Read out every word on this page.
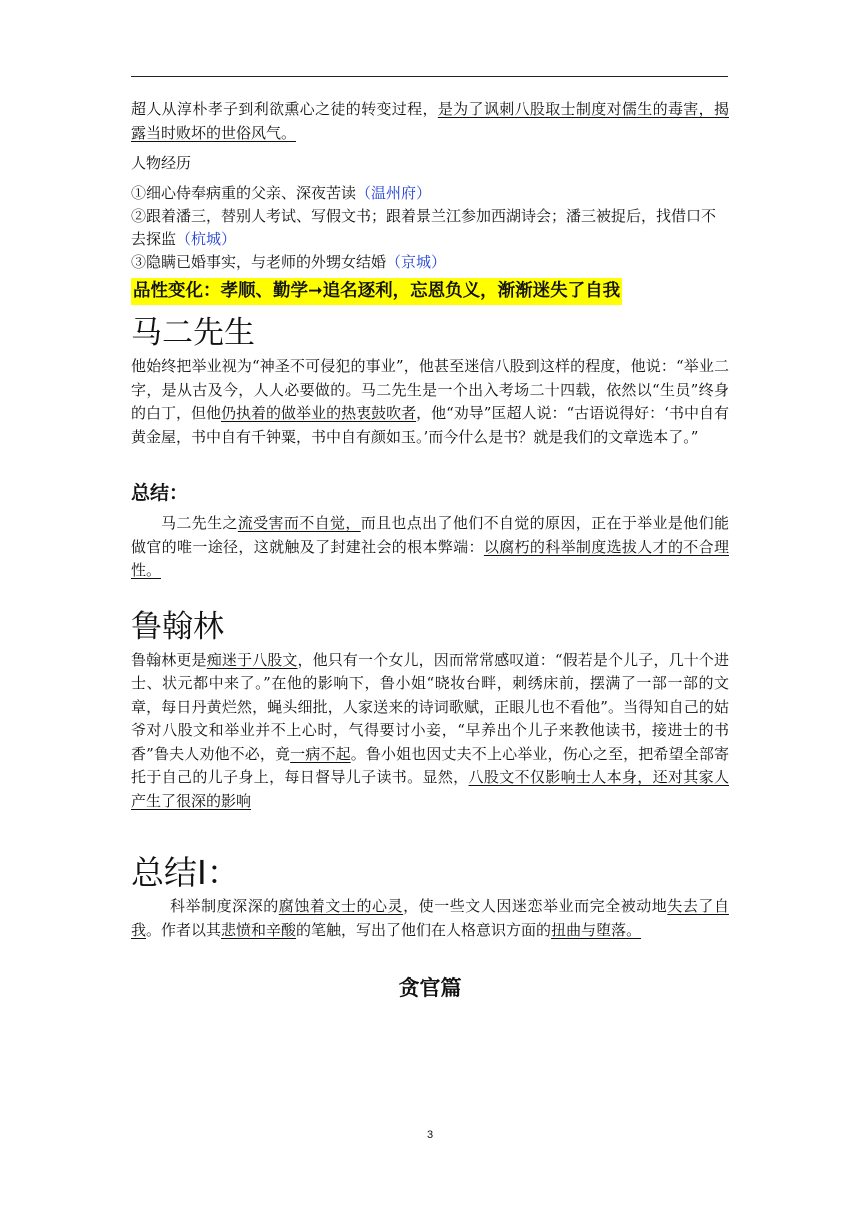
超人从淳朴孝子到利欲熏心之徒的转变过程，是为了讽刺八股取士制度对儒生的毒害，揭露当时败坏的世俗风气。

人物经历

①细心侍奉病重的父亲、深夜苦读（温州府）

②跟着潘三，替别人考试、写假文书；跟着景兰江参加西湖诗会；潘三被捉后，找借口不去探监（杭城）

③隐瞒已婚事实，与老师的外甥女结婚（京城）

品性变化：孝顺、勤学➞追名逐利，忘恩负义，渐渐迷失了自我
马二先生

他始终把举业视为“神圣不可侵犯的事业”，他甚至迷信八股到这样的程度，他说：“举业二字，是从古及今，人人必要做的。马二先生是一个出入考场二十四载，依然以“生员”终身的白丁，但他仍执着的做举业的热衷鼓吹者，他“劝导”匡超人说：“古语说得好：‘书中自有黄金屋，书中自有千钟粟，书中自有颜如玉。’而今什么是书？就是我们的文章选本了。”

总结：

马二先生之流受害而不自觉，而且也点出了他们不自觉的原因，正在于举业是他们能做官的唯一途径，这就触及了封建社会的根本弊端：以腐朽的科举制度选拔人才的不合理性。

鲁翰林

鲁翰林更是痴迷于八股文，他只有一个女儿，因而常常感叹道：“假若是个儿子，几十个进士、状元都中来了。”在他的影响下，鲁小姐“晓妆台畔，刺绣床前，摆满了一部一部的文章，每日丹黄烂然，蝇头细批，人家送来的诗词歌赋，正眼儿也不看他”。当得知自己的姑爷对八股文和举业并不上心时，气得要讨小妾，“早养出个儿子来教他读书，接进士的书香”鲁夫人劝他不必，竟一病不起。鲁小姐也因丈夫不上心举业，伤心之至，把希望全部寄托于自己的儿子身上，每日督导儿子读书。显然，八股文不仅影响士人本身，还对其家人产生了很深的影响

总结Ⅰ：

科举制度深深的腐蚀着文士的心灵，使一些文人因迷恋举业而完全被动地失去了自我。作者以其悲愤和辛酸的笔触，写出了他们在人格意识方面的扭曲与堕落。

贪官篇
3
